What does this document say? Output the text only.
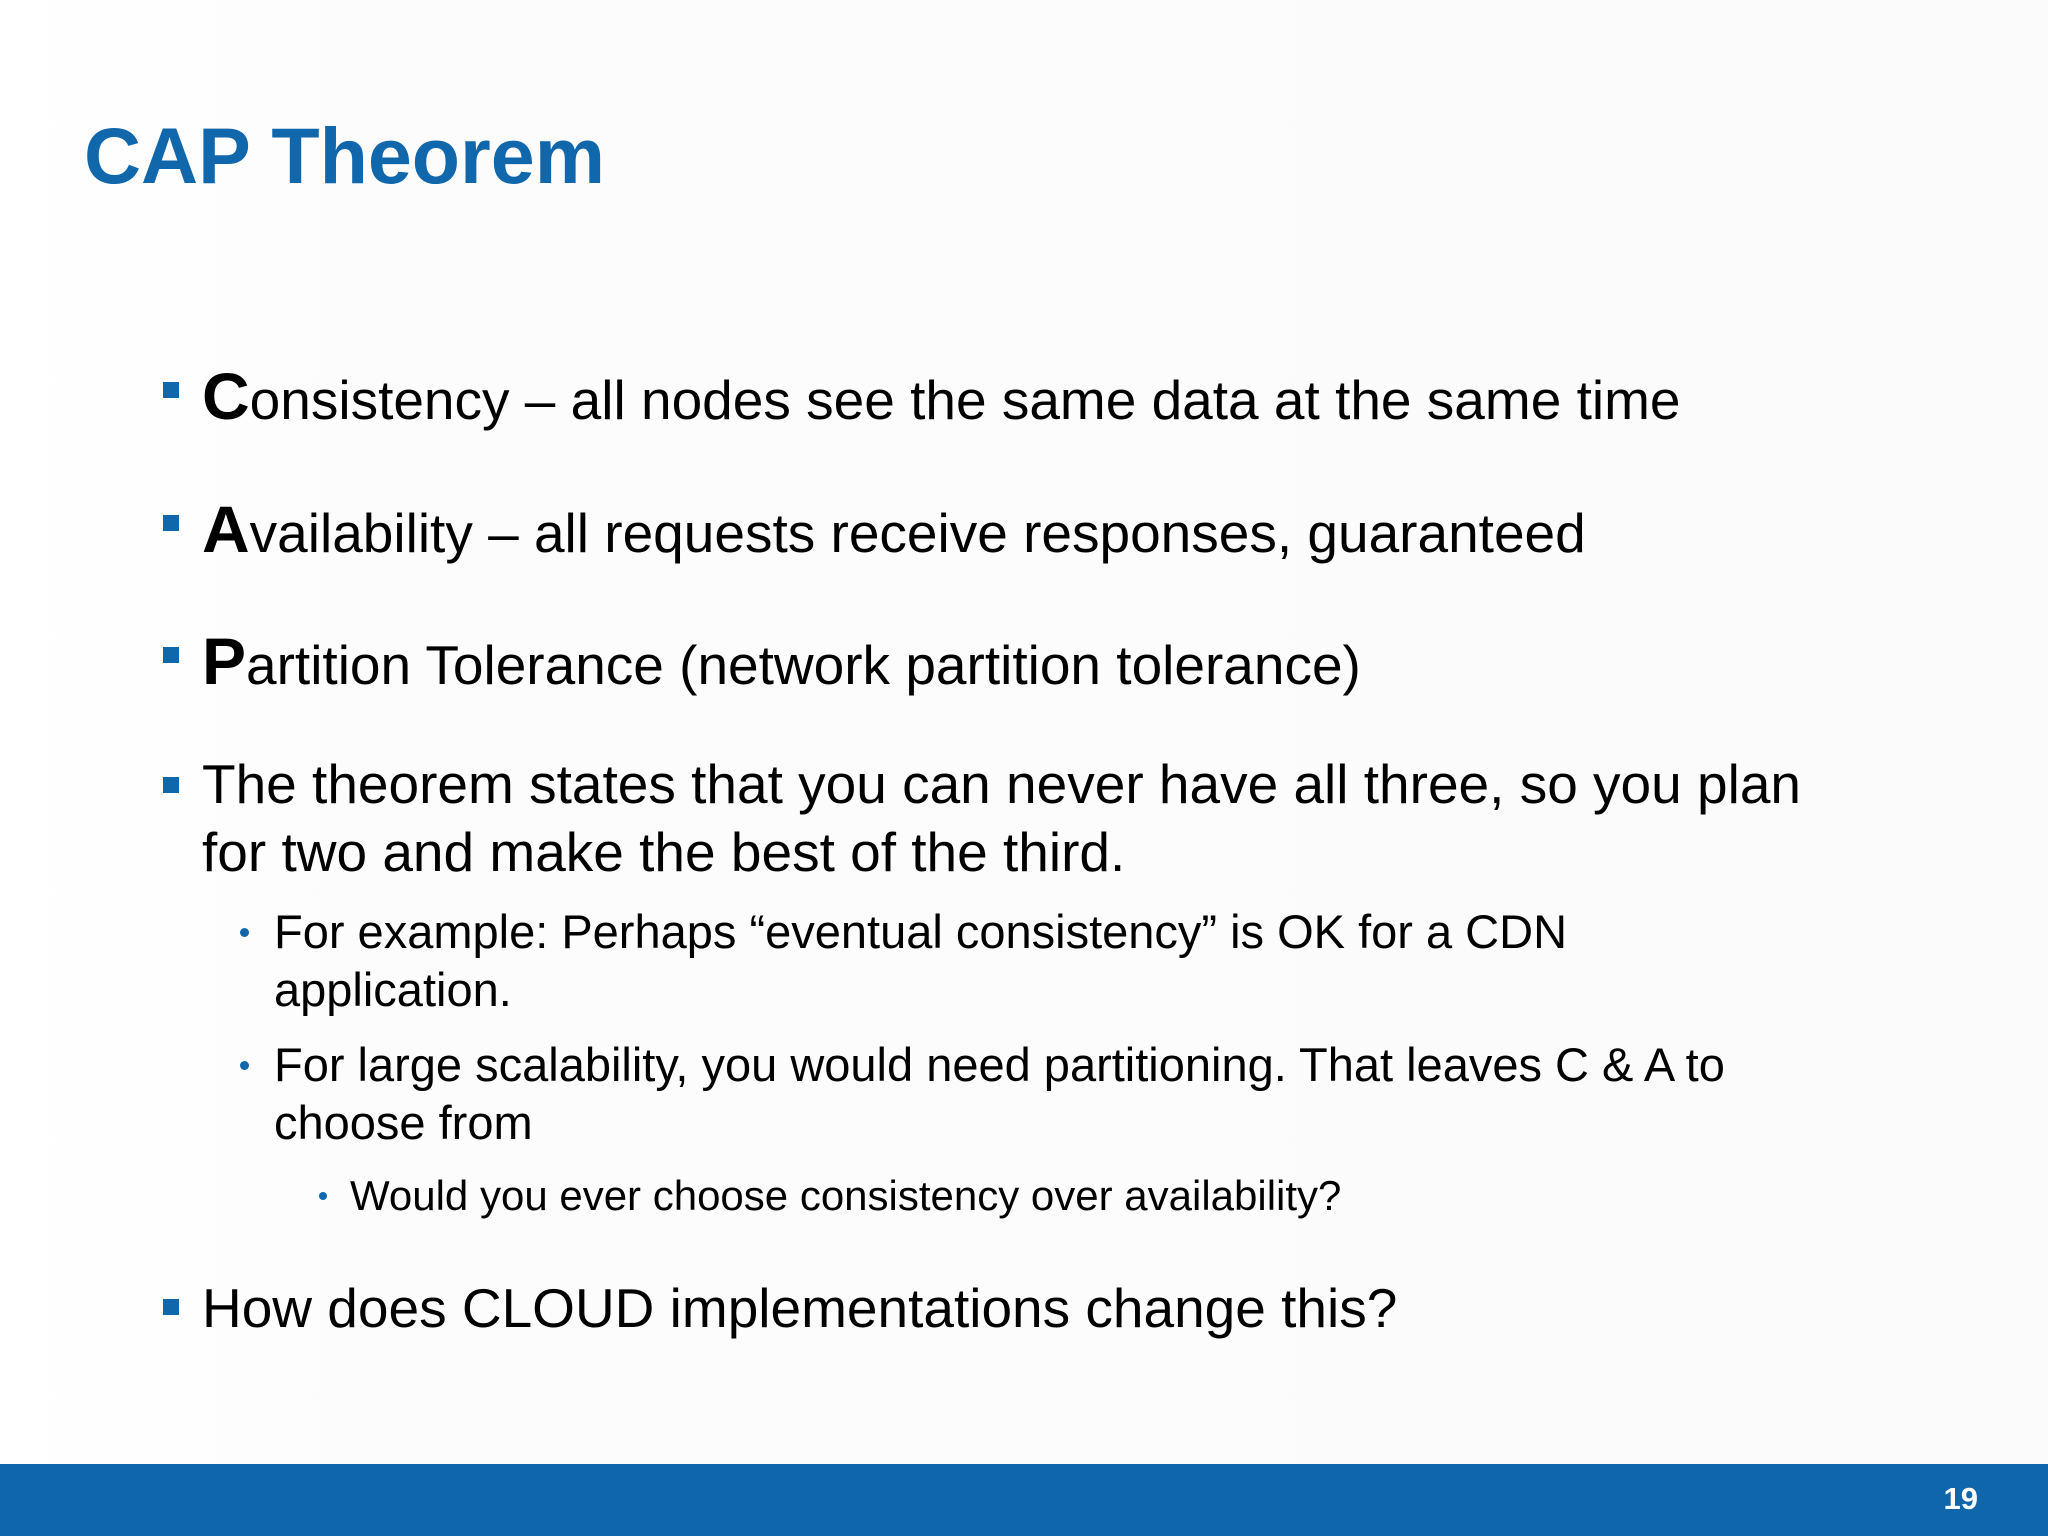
CAP Theorem
Consistency – all nodes see the same data at the same time
Availability – all requests receive responses, guaranteed
Partition Tolerance (network partition tolerance)
The theorem states that you can never have all three, so you plan
for two and make the best of the third.
For example: Perhaps “eventual consistency” is OK for a CDN
application.
For large scalability, you would need partitioning. That leaves C & A to
choose from
Would you ever choose consistency over availability?
How does CLOUD implementations change this?
19
